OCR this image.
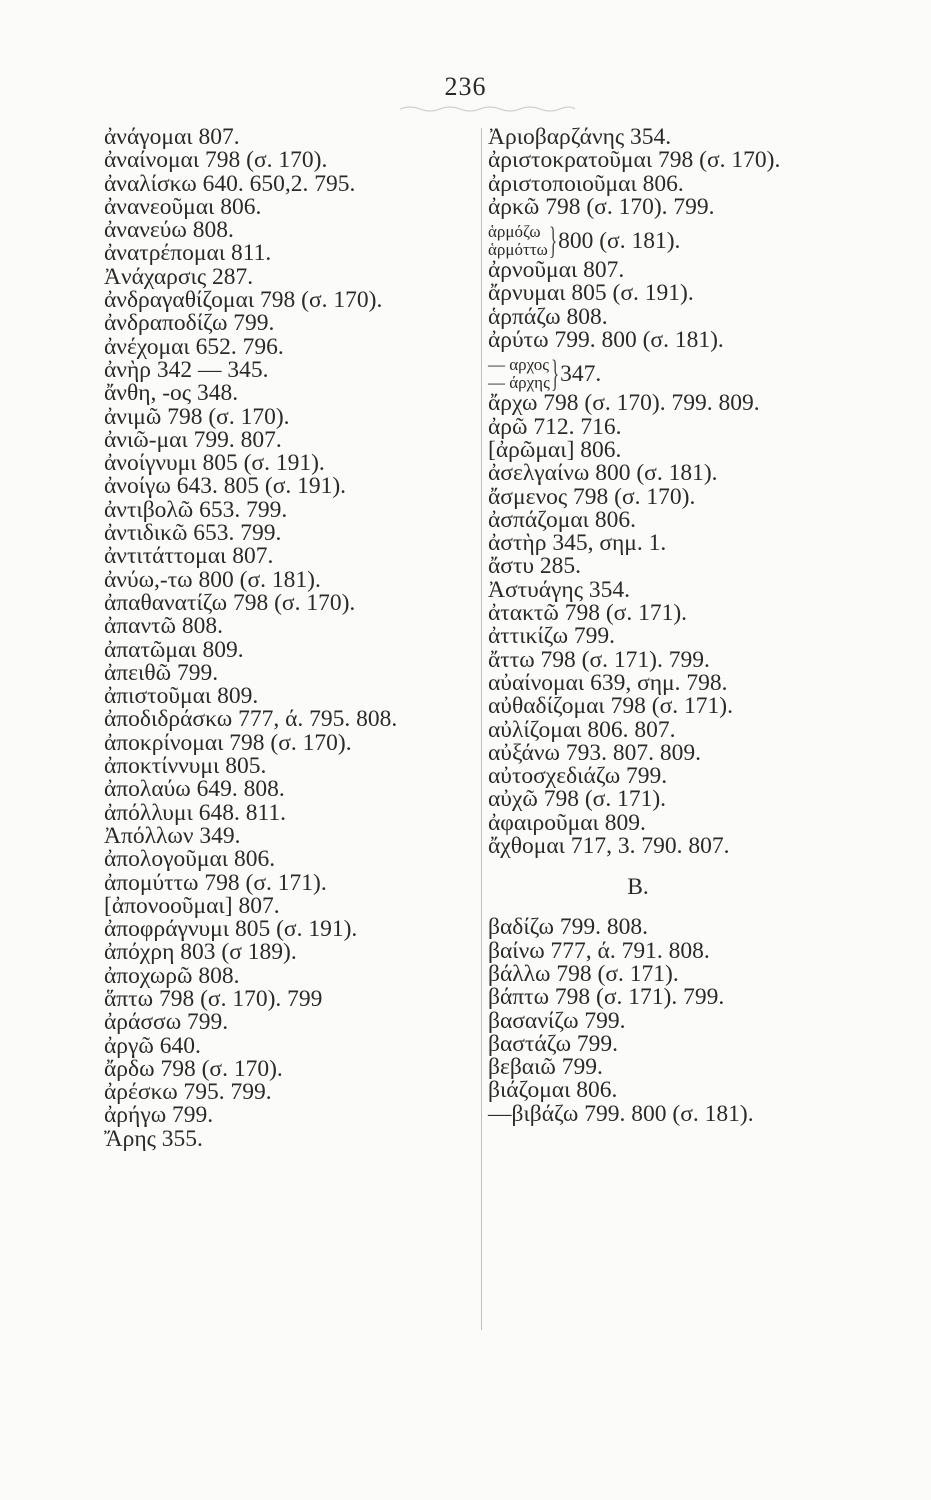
236
ἀνάγομαι 807.
ἀναίνομαι 798 (σ. 170).
ἀναλίσκω 640. 650,2. 795.
ἀνανεοῦμαι 806.
ἀνανεύω 808.
ἀνατρέπομαι 811.
Ἀνάχαρσις 287.
ἀνδραγαθίζομαι 798 (σ. 170).
ἀνδραποδίζω 799.
ἀνέχομαι 652. 796.
ἀνὴρ 342 — 345.
ἄνθη, -ος 348.
ἀνιμῶ 798 (σ. 170).
ἀνιῶ-μαι 799. 807.
ἀνοίγνυμι 805 (σ. 191).
ἀνοίγω 643. 805 (σ. 191).
ἀντιβολῶ 653. 799.
ἀντιδικῶ 653. 799.
ἀντιτάττομαι 807.
ἀνύω,-τω 800 (σ. 181).
ἀπαθανατίζω 798 (σ. 170).
ἀπαντῶ 808.
ἀπατῶμαι 809.
ἀπειθῶ 799.
ἀπιστοῦμαι 809.
ἀποδιδράσκω 777, ά. 795. 808.
ἀποκρίνομαι 798 (σ. 170).
ἀποκτίννυμι 805.
ἀπολαύω 649. 808.
ἀπόλλυμι 648. 811.
Ἀπόλλων 349.
ἀπολογοῦμαι 806.
ἀπομύττω 798 (σ. 171).
[ἀπονοοῦμαι] 807.
ἀποφράγνυμι 805 (σ. 191).
ἀπόχρη 803 (σ 189).
ἀποχωρῶ 808.
ἅπτω 798 (σ. 170). 799
ἀράσσω 799.
ἀργῶ 640.
ἄρδω 798 (σ. 170).
ἀρέσκω 795. 799.
ἀρήγω 799.
Ἄρης 355.
Ἀριοβαρζάνης 354.
ἀριστοκρατοῦμαι 798 (σ. 170).
ἀριστοποιοῦμαι 806.
ἀρκῶ 798 (σ. 170). 799.
ἁρμόζω
ἁρμόττω } 800 (σ. 181).
ἀρνοῦμαι 807.
ἄρνυμαι 805 (σ. 191).
ἁρπάζω 808.
ἀρύτω 799. 800 (σ. 181).
— αρχος
— άρχης } 347.
ἄρχω 798 (σ. 170). 799. 809.
ἀρῶ 712. 716.
[ἀρῶμαι] 806.
ἀσελγαίνω 800 (σ. 181).
ἄσμενος 798 (σ. 170).
ἀσπάζομαι 806.
ἀστὴρ 345, σημ. 1.
ἄστυ 285.
Ἀστυάγης 354.
ἀτακτῶ 798 (σ. 171).
ἀττικίζω 799.
ἄττω 798 (σ. 171). 799.
αὐαίνομαι 639, σημ. 798.
αὐθαδίζομαι 798 (σ. 171).
αὐλίζομαι 806. 807.
αὐξάνω 793. 807. 809.
αὐτοσχεδιάζω 799.
αὐχῶ 798 (σ. 171).
ἀφαιροῦμαι 809.
ἄχθομαι 717, 3. 790. 807.
B.
βαδίζω 799. 808.
βαίνω 777, ά. 791. 808.
βάλλω 798 (σ. 171).
βάπτω 798 (σ. 171). 799.
βασανίζω 799.
βαστάζω 799.
βεβαιῶ 799.
βιάζομαι 806.
—βιβάζω 799. 800 (σ. 181).
